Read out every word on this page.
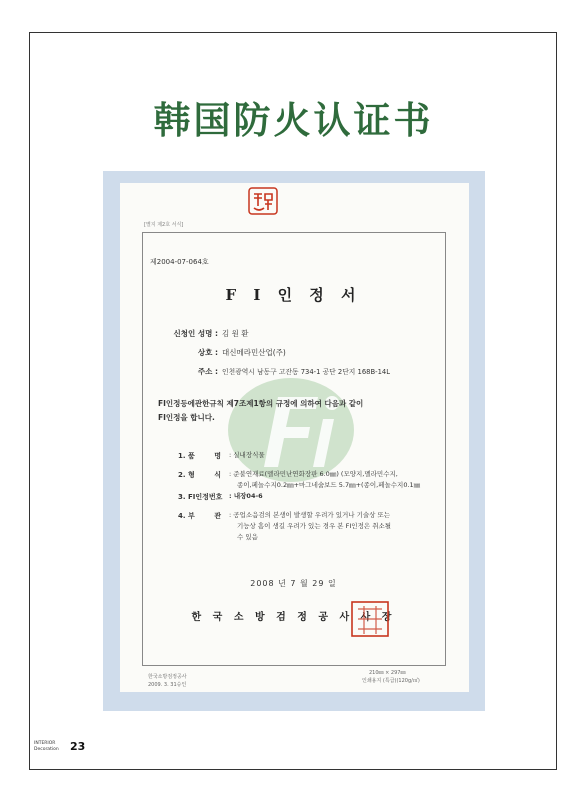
韩国防火认证书
[별지 제2호 서식]
제2004-07-064호
F I 인 정 서
신청인 성명 : 김 원 환
상호 : 대신메라민산업(주)
주소 : 인천광역시 남동구 고잔동 734-1 공단 2단지 168B-14L
FI인정등에관한규칙 제7조제1항의 규정에 의하여 다음과 같이
FI인정을 합니다.
1. 품        명 : 실내장식물
2. 형        식 : 준불연재료(멜라민난연화장판 6.0㎜) (모양지,멜라민수지,
종이,페놀수지0.2㎜+마그네슘보드 5.7㎜+(종이,페놀수지0.1㎜
3. FI인정번호 : 내장04-6
4. 부        관 : 공업소음검의 본생이 발생할 우려가 있거나 기술상 또는
기능상 흠이 생길 우려가 있는 경우 본 FI인정은 취소될
수 있음
2008 년 7 월 29 일
한 국 소 방 검 정 공 사 사 장
한국소방검정공사
2009. 3. 31승인
210㎜ × 297㎜
인쇄용지 (특급)(120g/㎡)
INTERIOR
Decoration 23
